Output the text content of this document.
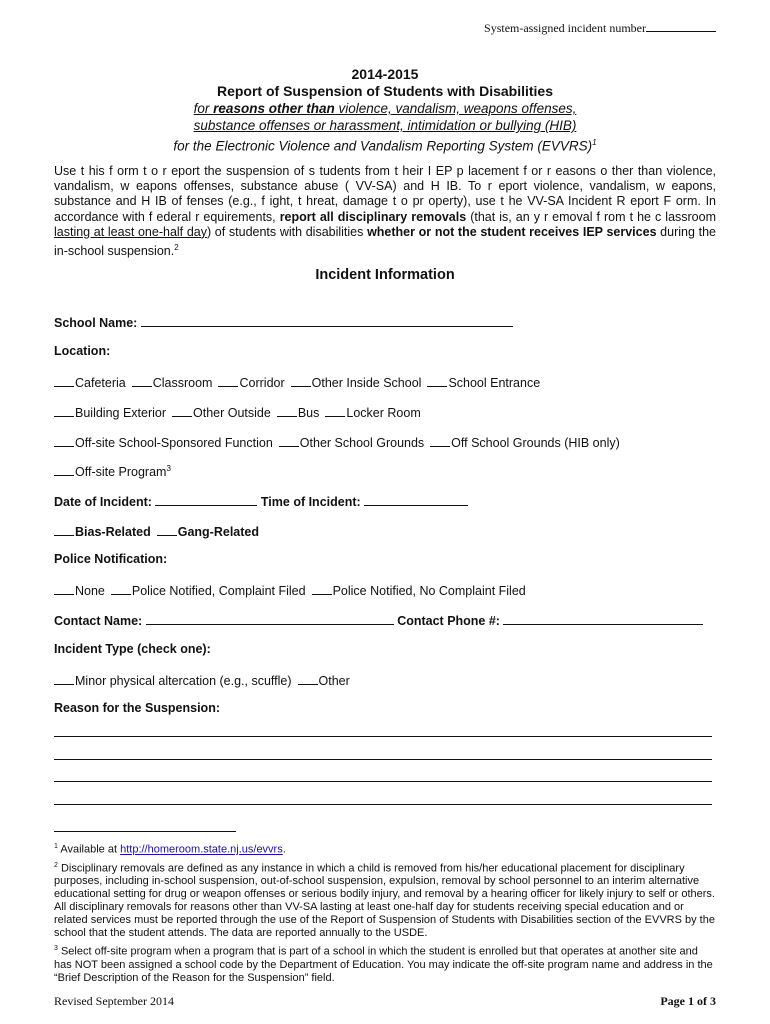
System-assigned incident number
2014-2015
Report of Suspension of Students with Disabilities
for reasons other than violence, vandalism, weapons offenses,
substance offenses or harassment, intimidation or bullying (HIB)
for the Electronic Violence and Vandalism Reporting System (EVVRS)$^1$
Use t his f orm t o r eport the suspension of s tudents from t heir I EP p lacement f or r easons o ther than violence, vandalism, w eapons offenses, substance abuse ( VV-SA) and H IB. To r eport violence, vandalism, w eapons, substance and H IB of fenses (e.g., f ight, t hreat, damage t o pr operty), use t he VV-SA Incident R eport F orm. In accordance with f ederal r equirements, report all disciplinary removals (that is, an y r emoval f rom t he c lassroom lasting at least one-half day) of students with disabilities whether or not the student receives IEP services during the in-school suspension.$^2$
Incident Information
School Name:
Location:
Cafeteria Classroom Corridor Other Inside School School Entrance
Building Exterior Other Outside Bus Locker Room
Off-site School-Sponsored Function Other School Grounds Off School Grounds (HIB only)
Off-site Program$^3$
Date of Incident:	Time of Incident:
Bias-Related Gang-Related
Police Notification:
None Police Notified, Complaint Filed Police Notified, No Complaint Filed
Contact Name:	Contact Phone #:
Incident Type (check one):
Minor physical altercation (e.g., scuffle) Other
Reason for the Suspension:

$^1$ Available at http://homeroom.state.nj.us/evvrs.

$^2$ Disciplinary removals are defined as any instance in which a child is removed from his/her educational placement for disciplinary purposes, including in-school suspension, out-of-school suspension, expulsion, removal by school personnel to an interim alternative educational setting for drug or weapon offenses or serious bodily injury, and removal by a hearing officer for likely injury to self or others. All disciplinary removals for reasons other than VV-SA lasting at least one-half day for students receiving special education and or related services must be reported through the use of the Report of Suspension of Students with Disabilities section of the EVVRS by the school that the student attends. The data are reported annually to the USDE.

$^3$ Select off-site program when a program that is part of a school in which the student is enrolled but that operates at another site and has NOT been assigned a school code by the Department of Education. You may indicate the off-site program name and address in the “Brief Description of the Reason for the Suspension” field.

Revised September 2014	Page 1 of 3
